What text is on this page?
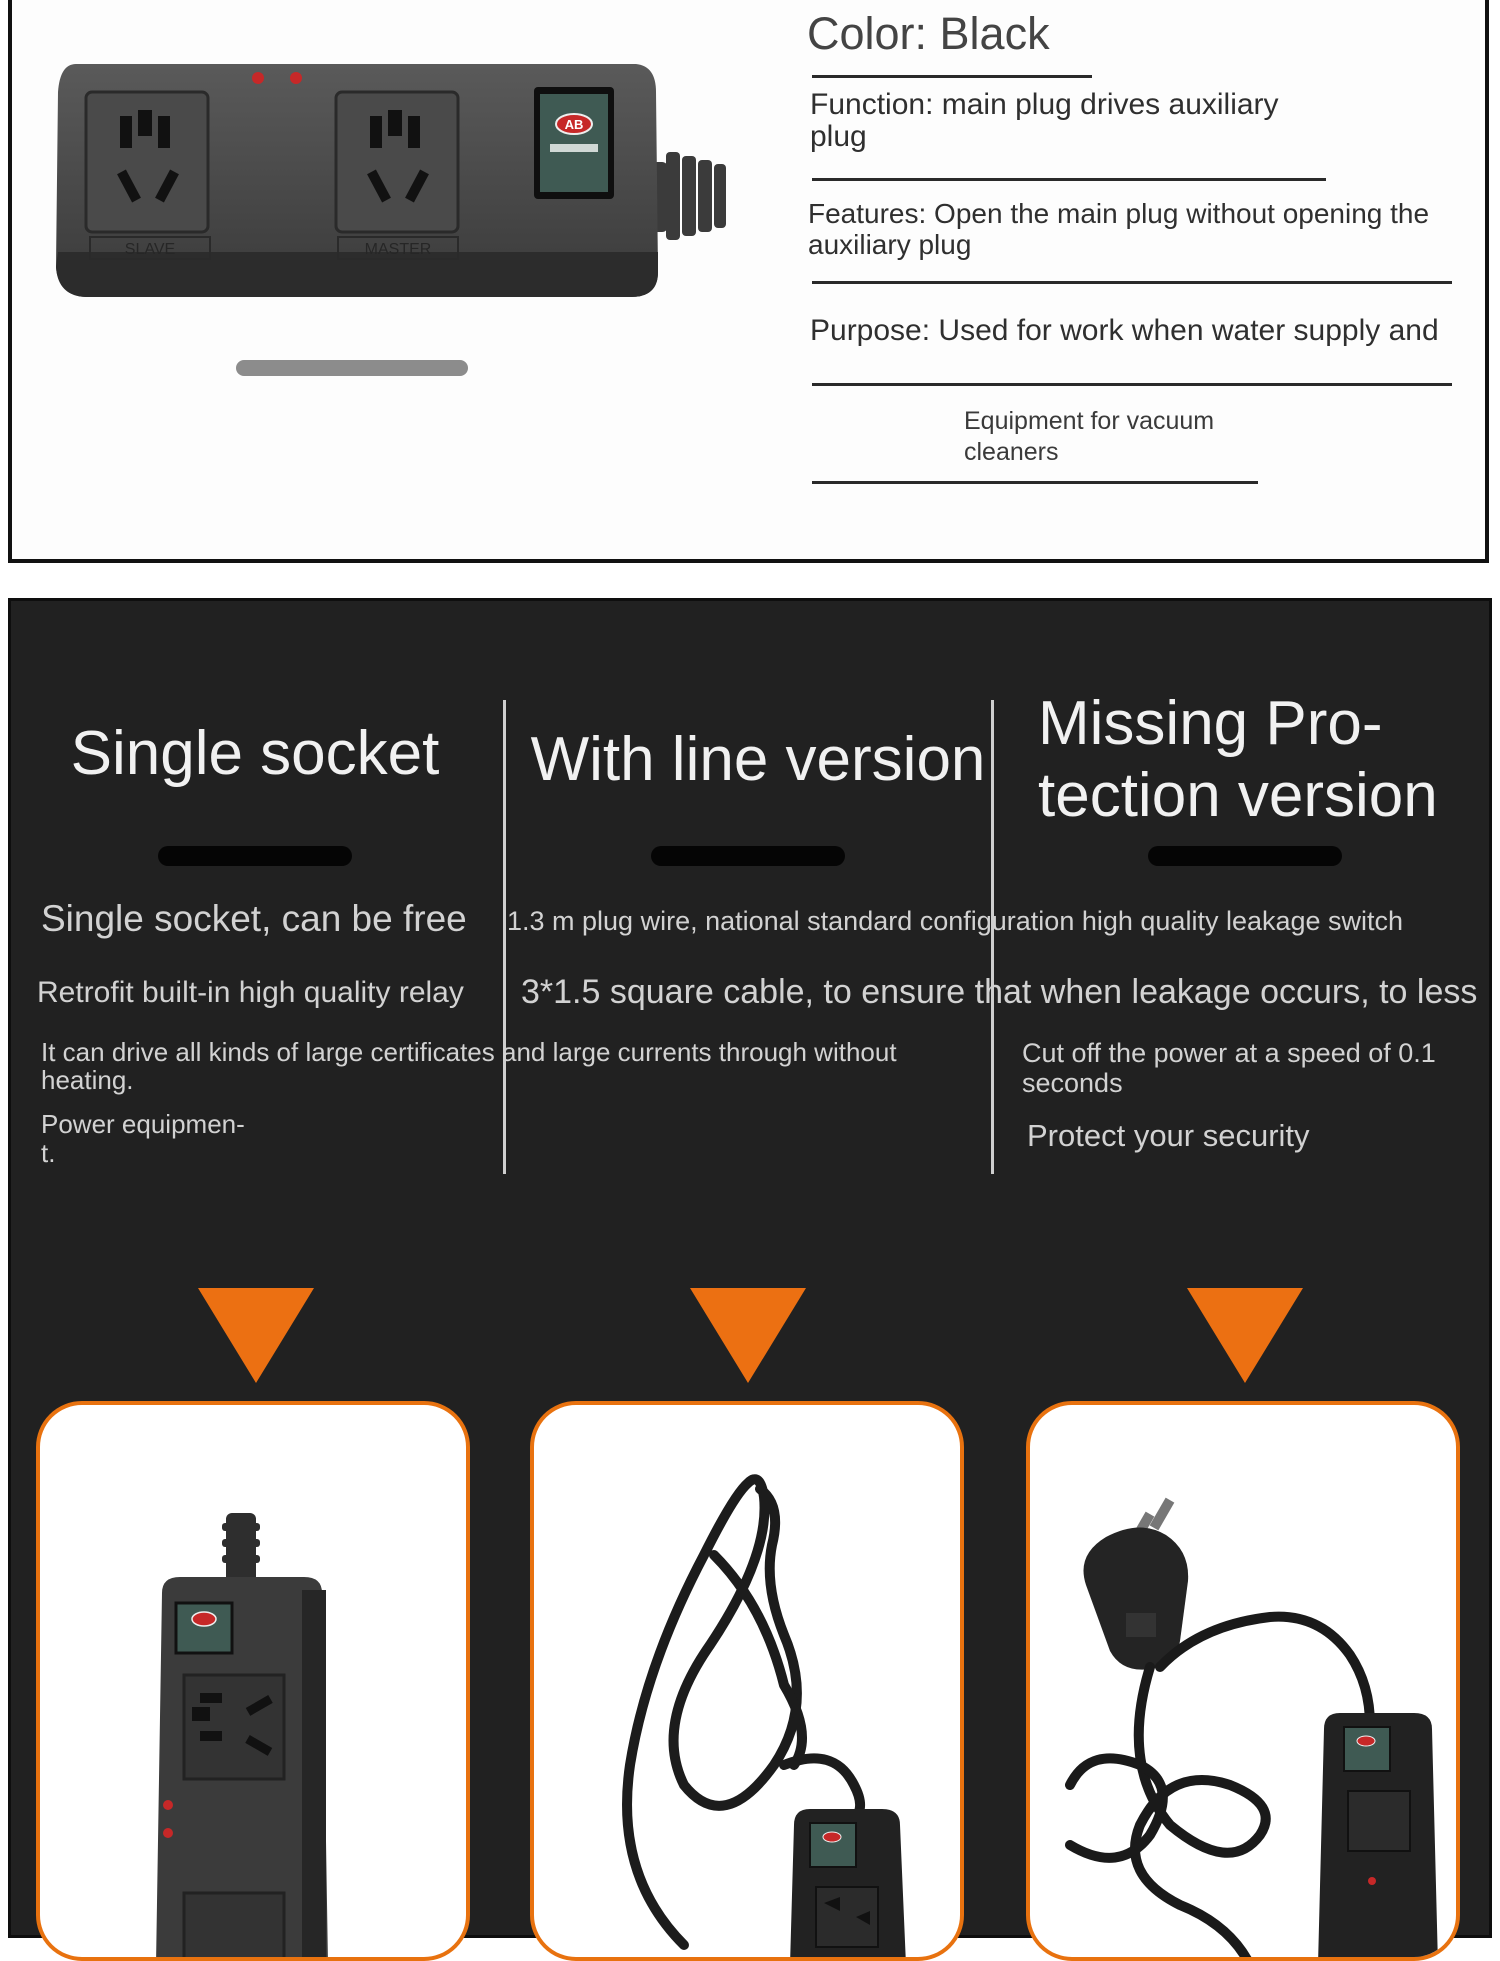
SLAVE	MASTER
AB
Color: Black
Function: main plug drives auxiliary plug
Features: Open the main plug without opening the auxiliary plug
Purpose: Used for work when water supply and
Equipment for vacuum cleaners
Single socket	With line version
Missing Pro- tection version
Single socket, can be free
Retrofit built-in high quality relay
It can drive all kinds of large certificates and large currents through without heating.
Power equipmen- t.
1.3 m plug wire, national standard configuration high quality leakage switch
3*1.5 square cable, to ensure that when leakage occurs, to less
Cut off the power at a speed of 0.1 seconds
Protect your security
